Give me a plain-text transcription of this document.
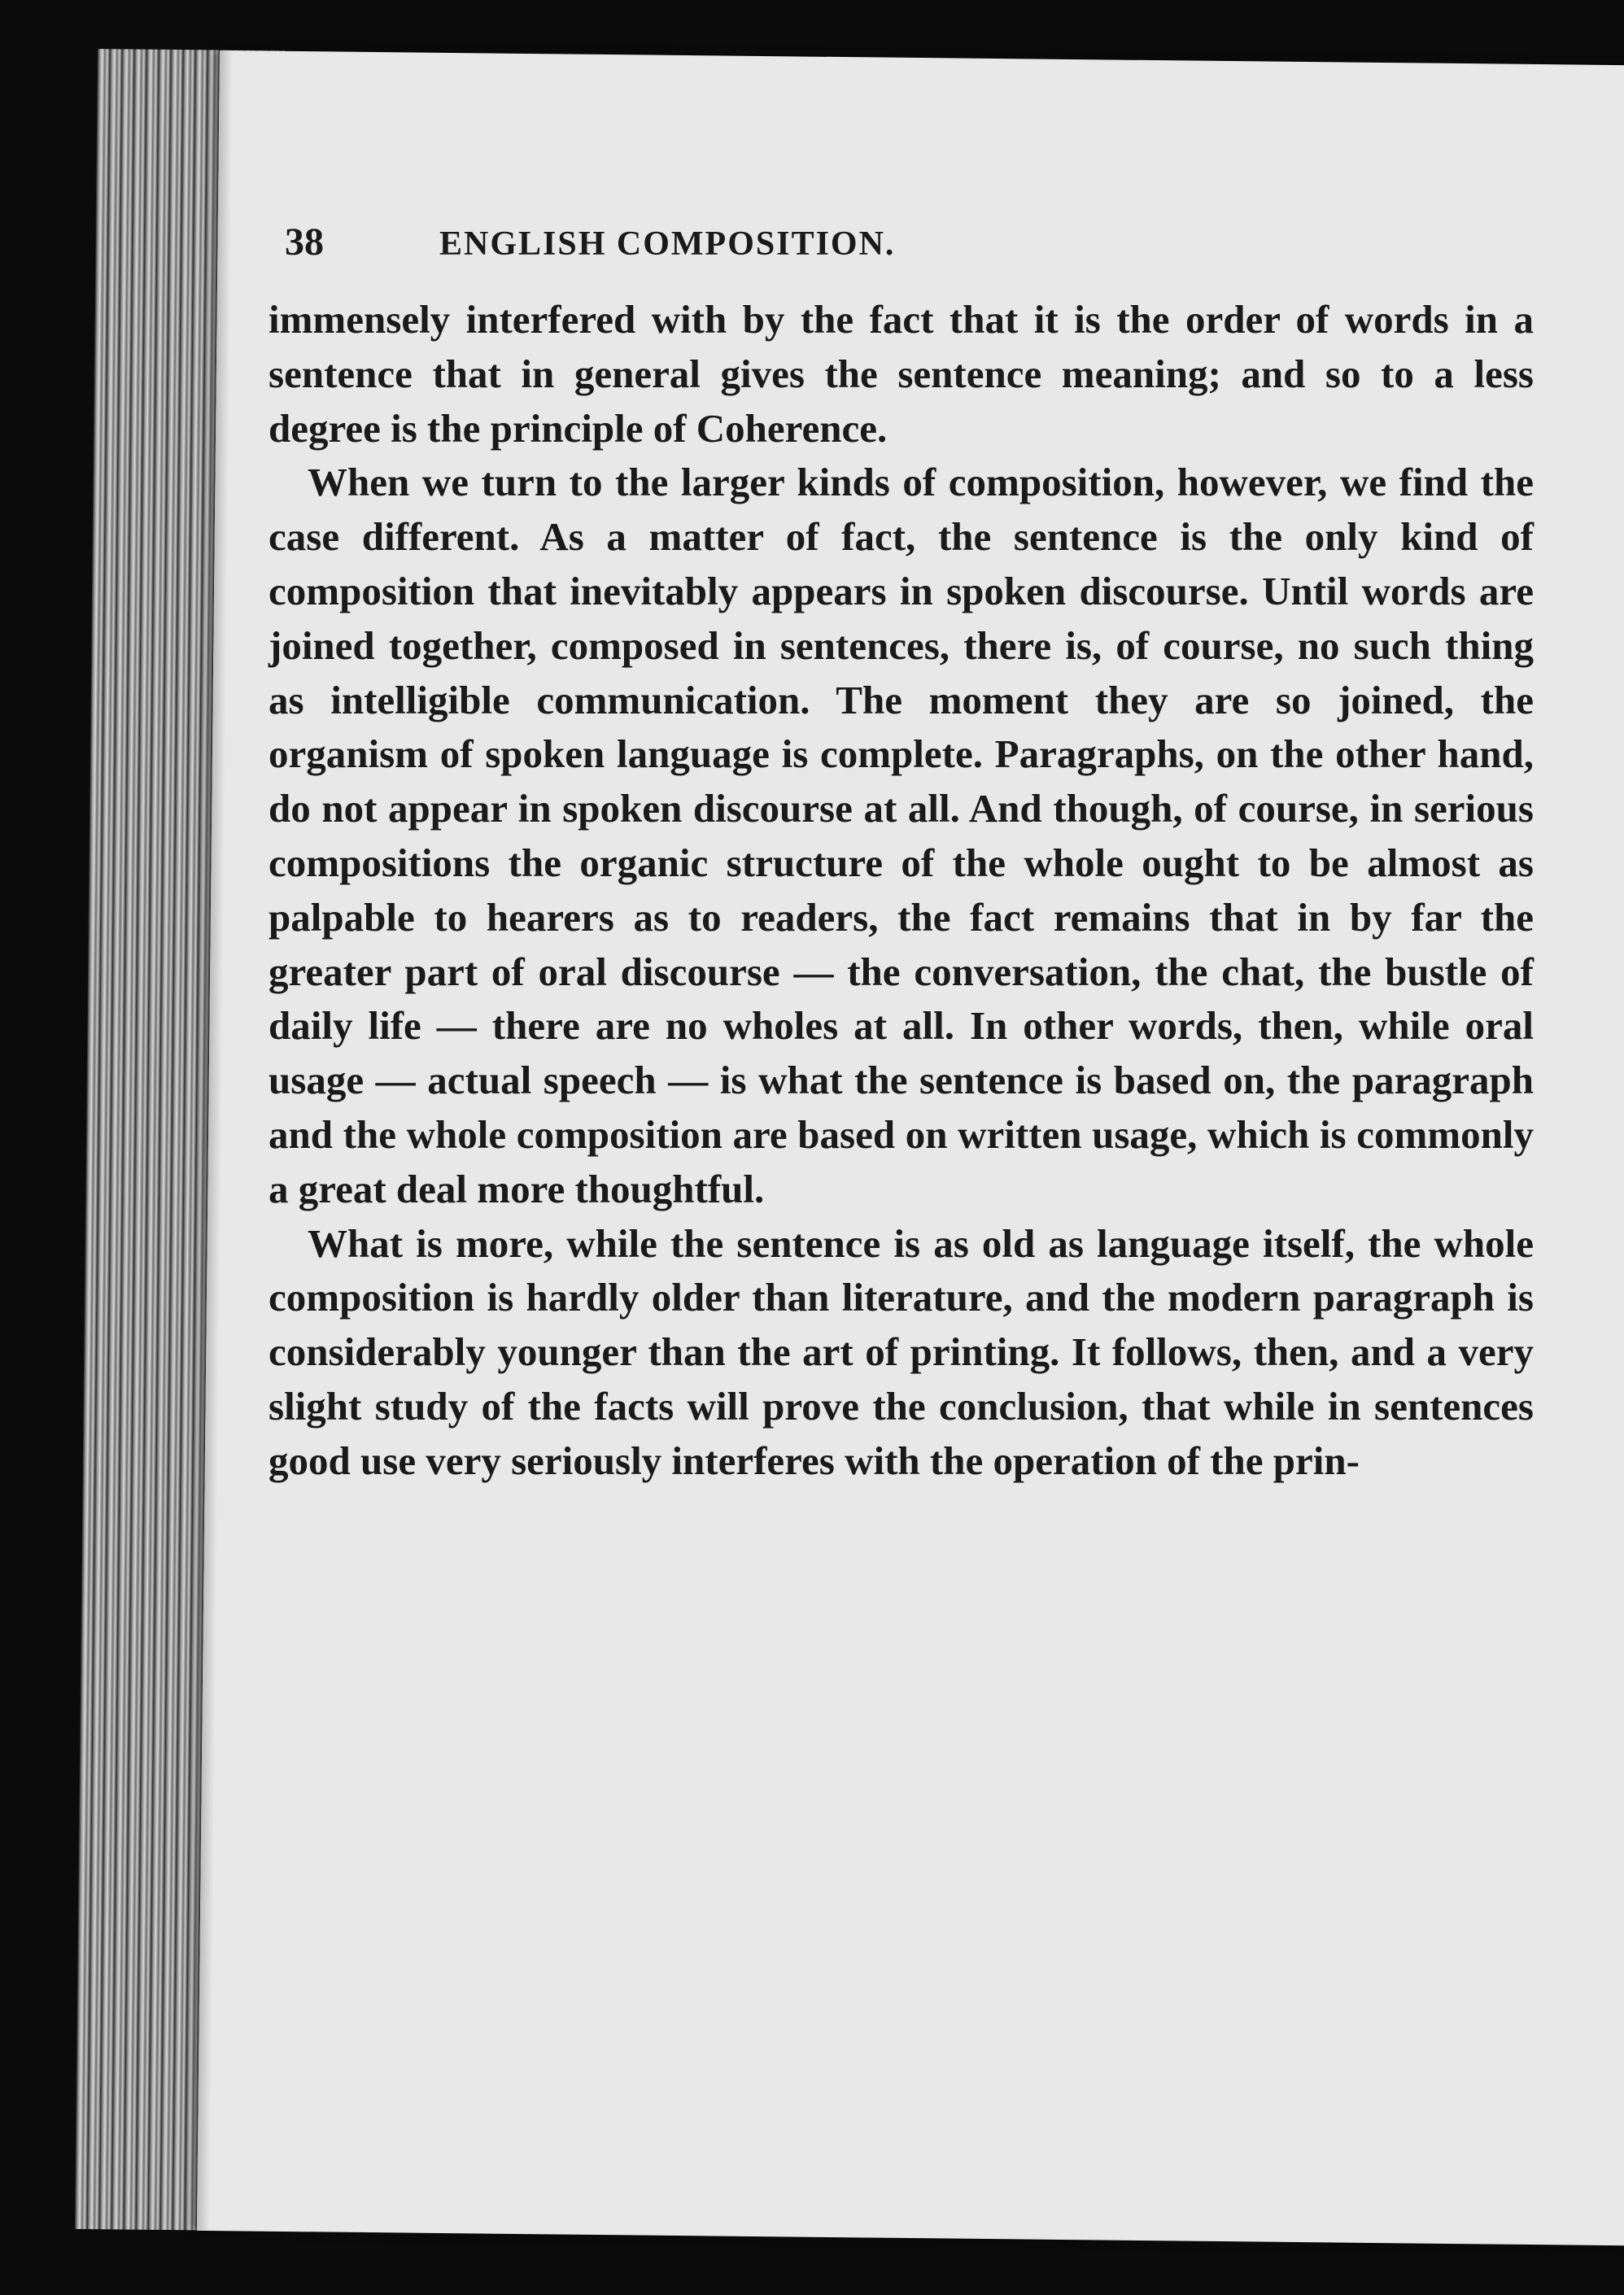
38	ENGLISH COMPOSITION.

immensely interfered with by the fact that it is the order of words in a sentence that in general gives the sentence meaning; and so to a less degree is the principle of Coherence.

When we turn to the larger kinds of composition, however, we find the case different. As a matter of fact, the sentence is the only kind of composition that inevitably appears in spoken discourse. Until words are joined together, composed in sentences, there is, of course, no such thing as intelligible communication. The moment they are so joined, the organism of spoken language is complete. Paragraphs, on the other hand, do not appear in spoken discourse at all. And though, of course, in serious compositions the organic structure of the whole ought to be almost as palpable to hearers as to readers, the fact remains that in by far the greater part of oral discourse — the conversation, the chat, the bustle of daily life — there are no wholes at all. In other words, then, while oral usage — actual speech — is what the sentence is based on, the paragraph and the whole composition are based on written usage, which is commonly a great deal more thoughtful.

What is more, while the sentence is as old as language itself, the whole composition is hardly older than literature, and the modern paragraph is considerably younger than the art of printing. It follows, then, and a very slight study of the facts will prove the conclusion, that while in sentences good use very seriously interferes with the operation of the prin-
